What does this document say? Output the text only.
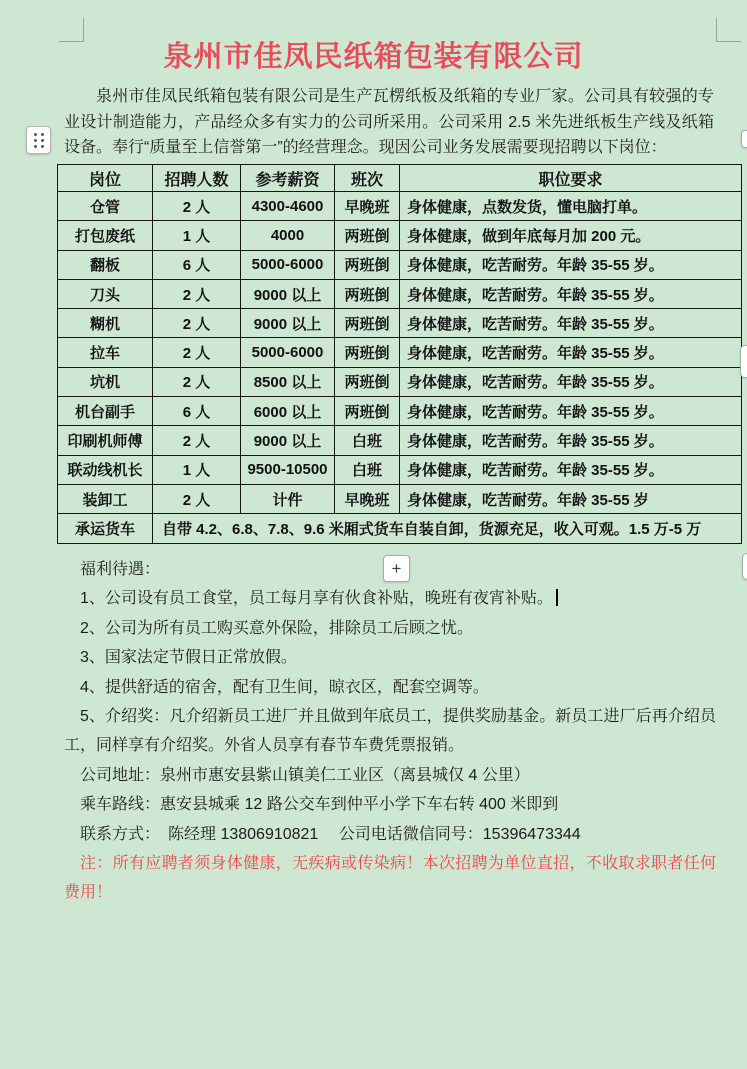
泉州市佳凤民纸箱包装有限公司

泉州市佳凤民纸箱包装有限公司是生产瓦楞纸板及纸箱的专业厂家。公司具有较强的专业设计制造能力，产品经众多有实力的公司所采用。公司采用 2.5 米先进纸板生产线及纸箱设备。奉行“质量至上信誉第一”的经营理念。现因公司业务发展需要现招聘以下岗位：

岗位	招聘人数	参考薪资	班次	职位要求
仓管	2 人	4300-4600	早晚班	身体健康，点数发货，懂电脑打单。
打包废纸	1 人	4000	两班倒	身体健康，做到年底每月加 200 元。
翻板	6 人	5000-6000	两班倒	身体健康，吃苦耐劳。年龄 35-55 岁。
刀头	2 人	9000 以上	两班倒	身体健康，吃苦耐劳。年龄 35-55 岁。
糊机	2 人	9000 以上	两班倒	身体健康，吃苦耐劳。年龄 35-55 岁。
拉车	2 人	5000-6000	两班倒	身体健康，吃苦耐劳。年龄 35-55 岁。
坑机	2 人	8500 以上	两班倒	身体健康，吃苦耐劳。年龄 35-55 岁。
机台副手	6 人	6000 以上	两班倒	身体健康，吃苦耐劳。年龄 35-55 岁。
印刷机师傅	2 人	9000 以上	白班	身体健康，吃苦耐劳。年龄 35-55 岁。
联动线机长	1 人	9500-10500	白班	身体健康，吃苦耐劳。年龄 35-55 岁。
装卸工	2 人	计件	早晚班	身体健康，吃苦耐劳。年龄 35-55 岁
承运货车	自带 4.2、6.8、7.8、9.6 米厢式货车自装自卸，货源充足，收入可观。1.5 万-5 万			
+

福利待遇：

1、公司设有员工食堂，员工每月享有伙食补贴，晚班有夜宵补贴。

2、公司为所有员工购买意外保险，排除员工后顾之忧。

3、国家法定节假日正常放假。

4、提供舒适的宿舍，配有卫生间，晾衣区，配套空调等。

5、介绍奖：凡介绍新员工进厂并且做到年底员工，提供奖励基金。新员工进厂后再介绍员工，同样享有介绍奖。外省人员享有春节车费凭票报销。

公司地址：泉州市惠安县紫山镇美仁工业区（离县城仅 4 公里）

乘车路线：惠安县城乘 12 路公交车到仲平小学下车右转 400 米即到

联系方式：　陈经理 13806910821　 公司电话微信同号：15396473344

注：所有应聘者须身体健康，无疾病或传染病！本次招聘为单位直招，不收取求职者任何费用！
